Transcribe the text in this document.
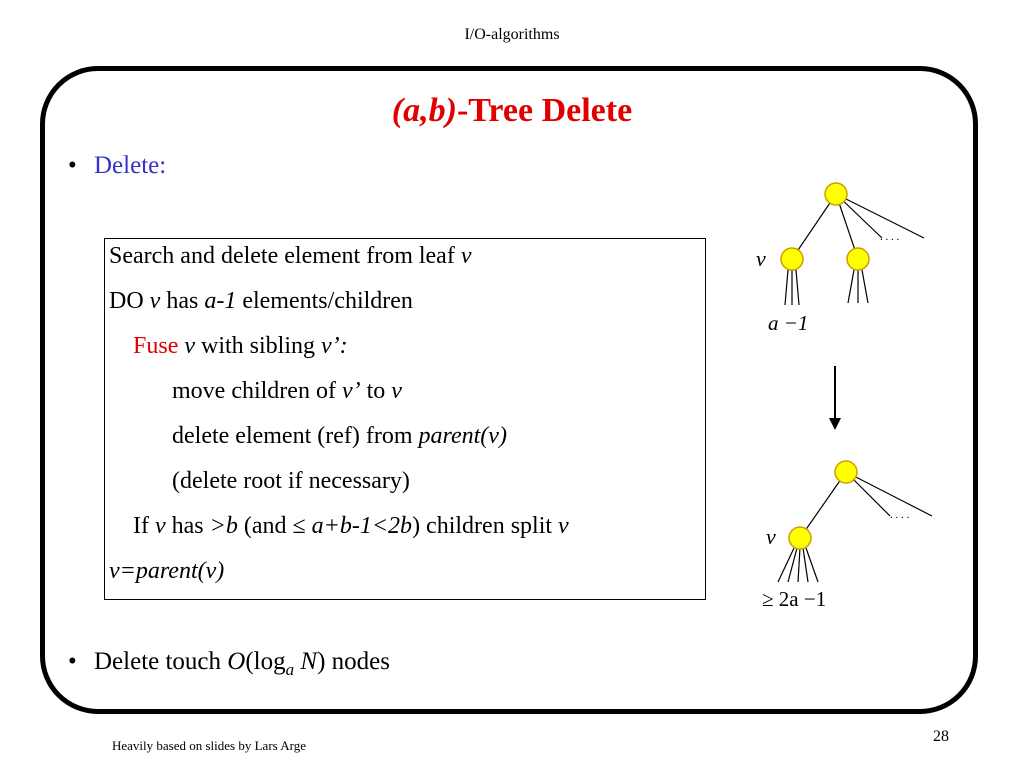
I/O-algorithms
(a,b)-Tree Delete
• Delete:
Search and delete element from leaf v
DO v has a-1 elements/children
Fuse v with sibling v’:
move children of v’ to v
delete element (ref) from parent(v)
(delete root if necessary)
If v has >b (and ≤ a+b-1<2b) children split v
v=parent(v)
. . . .
v
a −1
. . . .
v
≥ 2a −1
• Delete touch $O(\log_a$ N) nodes
Heavily based on slides by Lars Arge
28
